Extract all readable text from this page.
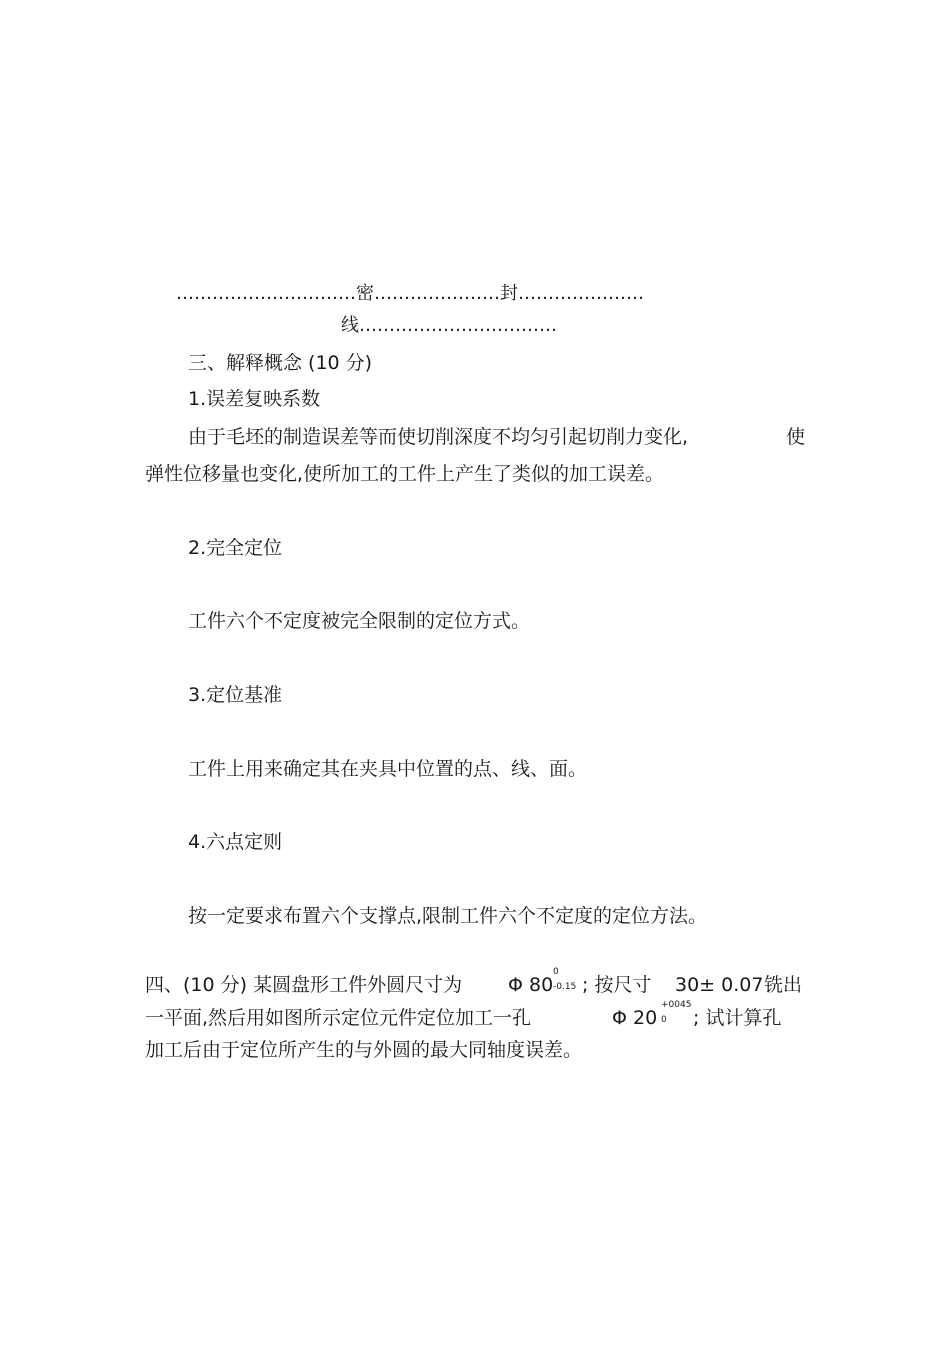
…………………………密…………………封…………………
线……………………………
三、解释概念 (10 分)
1.误差复映系数
由于毛坯的制造误差等而使切削深度不均匀引起切削力变化,	使
弹性位移量也变化,使所加工的工件上产生了类似的加工误差。
2.完全定位
工件六个不定度被完全限制的定位方式。
3.定位基准
工件上用来确定其在夹具中位置的点、线、面。
4.六点定则
按一定要求布置六个支撑点,限制工件六个不定度的定位方法。
四、(10 分) 某圆盘形工件外圆尺寸为 Φ 80
0
-0.15 ; 按尺寸 30± 0.07 铣出
一平面,然后用如图所示定位元件定位加工一孔	Φ 20
+0045
0 ; 试计算孔
加工后由于定位所产生的与外圆的最大同轴度误差。
